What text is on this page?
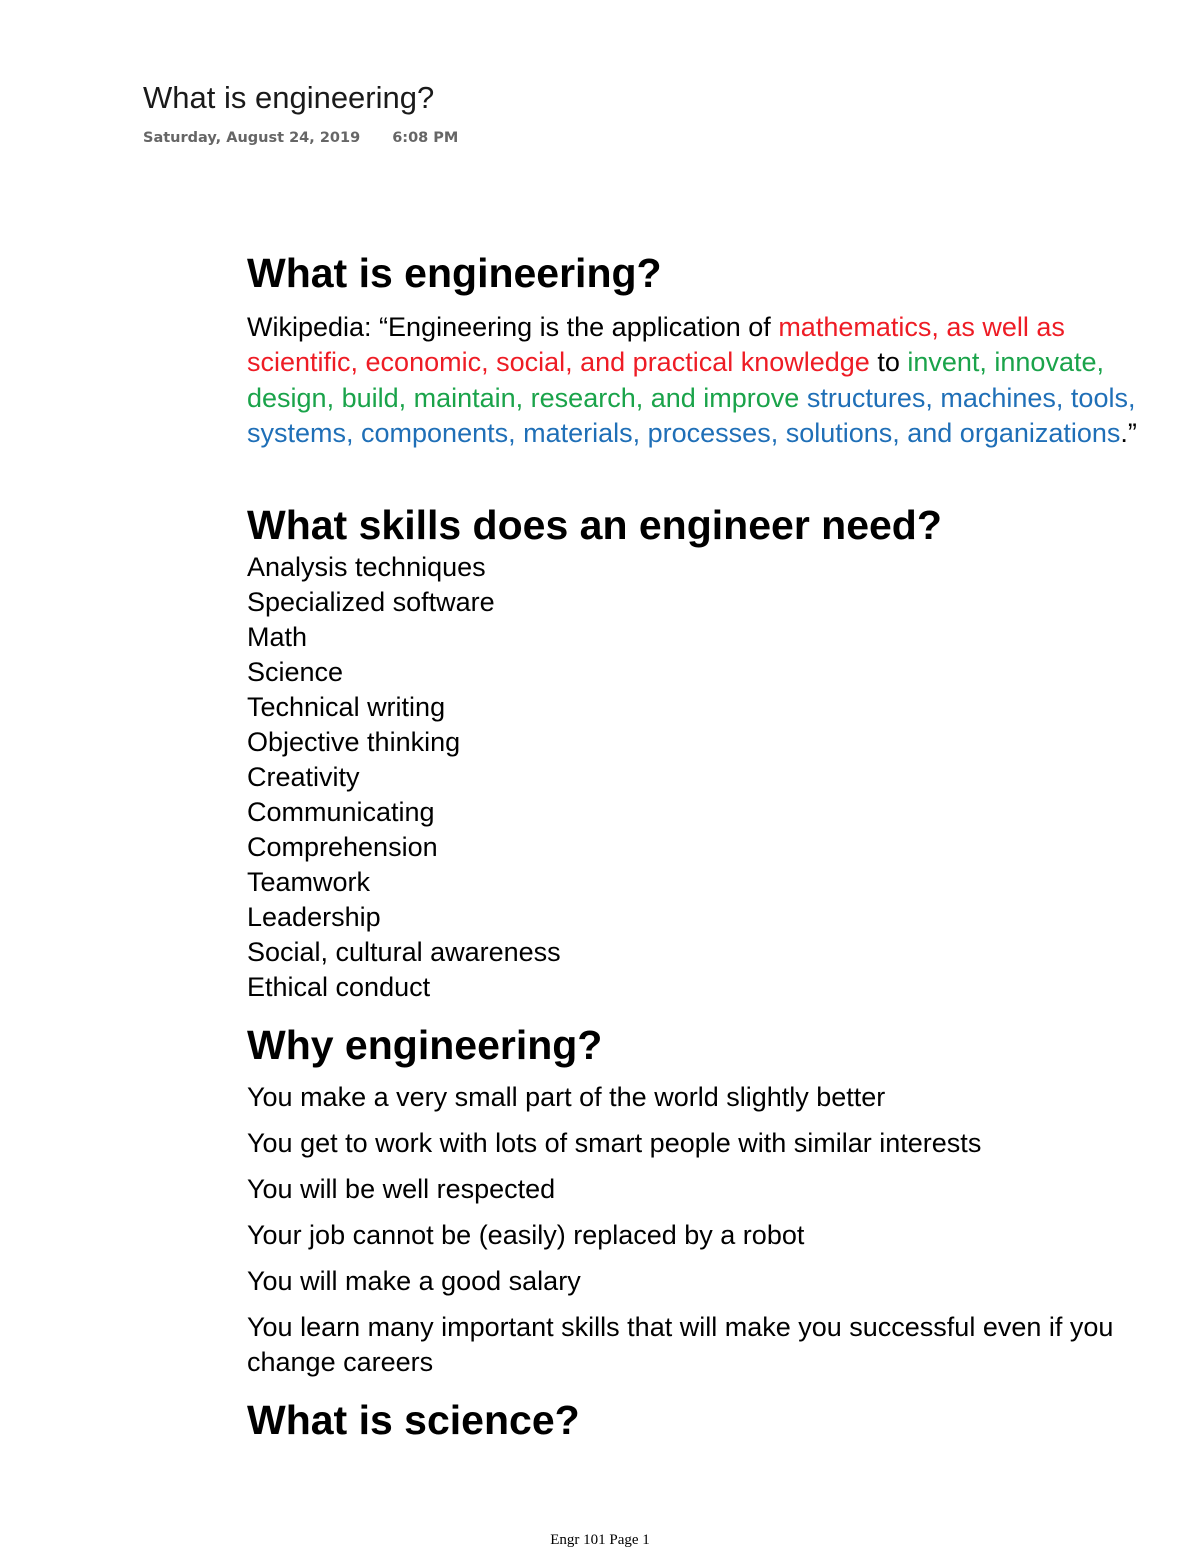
What is engineering?
Saturday, August 24, 2019 6:08 PM
What is engineering?

Wikipedia: “Engineering is the application of mathematics, as well as scientific, economic, social, and practical knowledge to invent, innovate, design, build, maintain, research, and improve structures, machines, tools, systems, components, materials, processes, solutions, and organizations.”

What skills does an engineer need?
Analysis techniques
Specialized software
Math
Science
Technical writing
Objective thinking
Creativity
Communicating
Comprehension
Teamwork
Leadership
Social, cultural awareness
Ethical conduct
Why engineering?
You make a very small part of the world slightly better
You get to work with lots of smart people with similar interests
You will be well respected
Your job cannot be (easily) replaced by a robot
You will make a good salary
You learn many important skills that will make you successful even if you change careers
What is science?
Engr 101 Page 1
